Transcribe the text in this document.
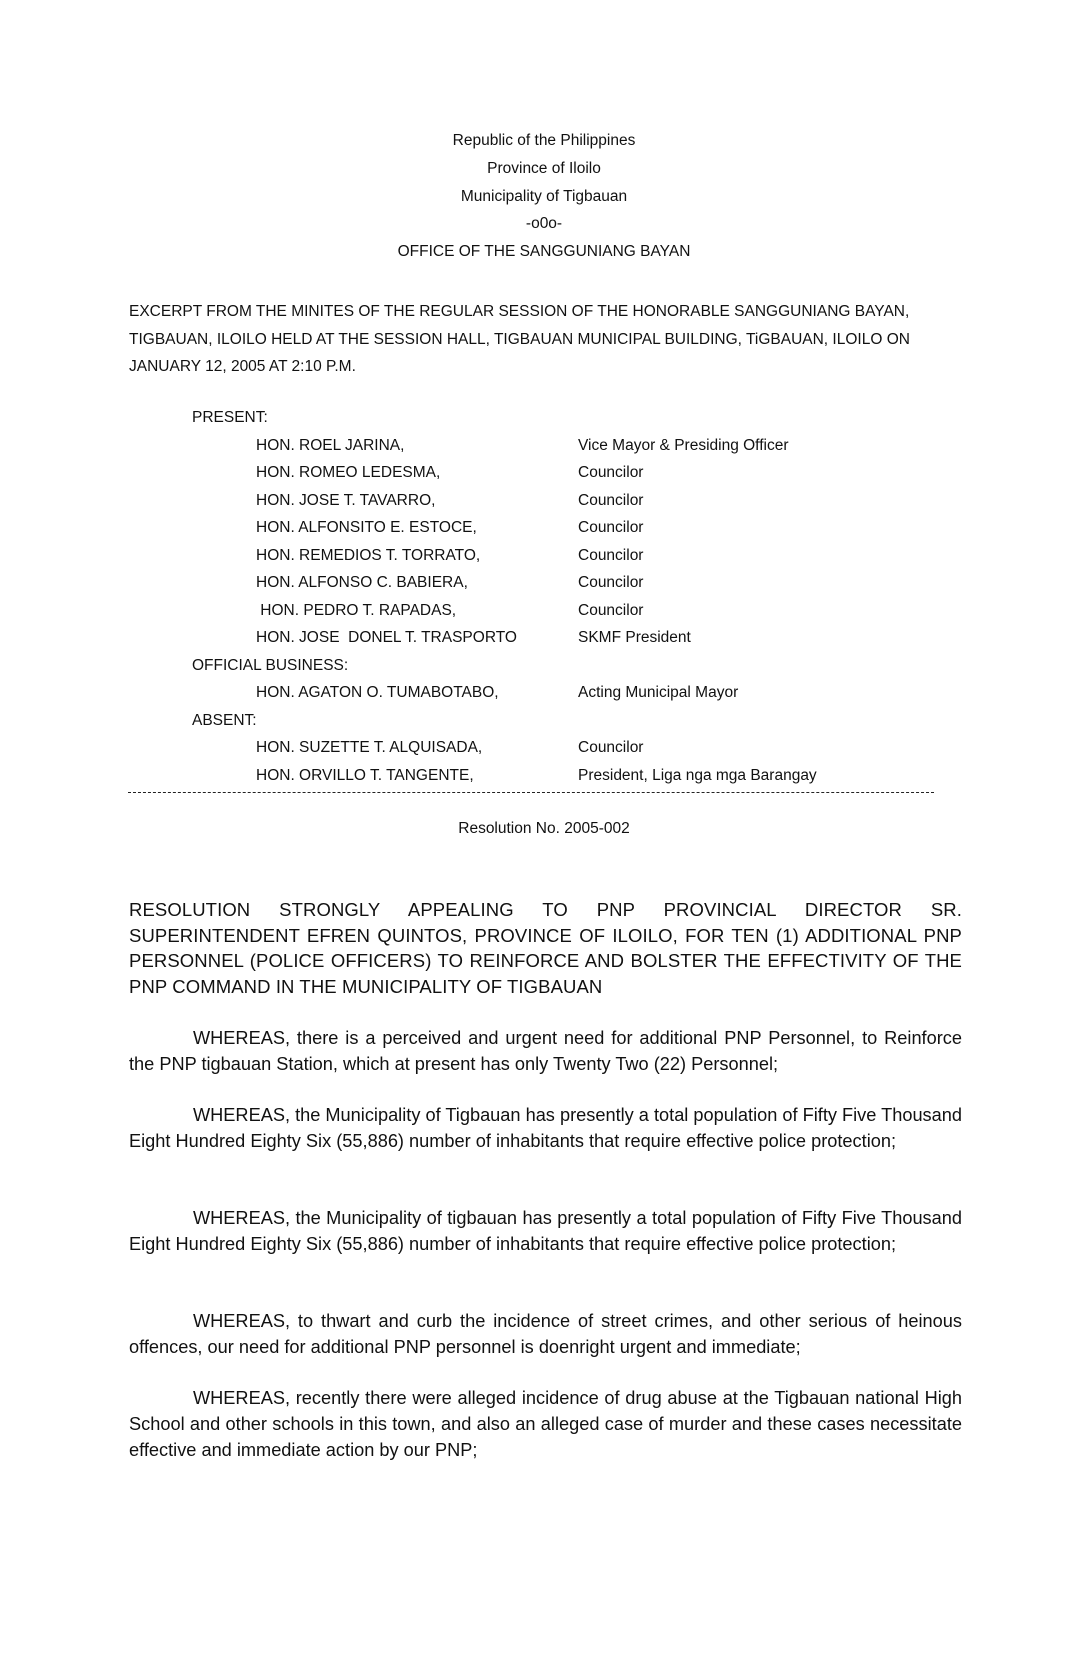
Republic of the Philippines
Province of Iloilo
Municipality of Tigbauan
-o0o-
OFFICE OF THE SANGGUNIANG BAYAN
EXCERPT FROM THE MINITES OF THE REGULAR SESSION OF THE HONORABLE SANGGUNIANG BAYAN, TIGBAUAN, ILOILO HELD AT THE SESSION HALL, TIGBAUAN MUNICIPAL BUILDING, TiGBAUAN, ILOILO ON JANUARY 12, 2005 AT 2:10 P.M.
PRESENT:
HON. ROEL JARINA,	Vice Mayor & Presiding Officer
HON. ROMEO LEDESMA,	Councilor
HON. JOSE T. TAVARRO,	Councilor
HON. ALFONSITO E. ESTOCE,	Councilor
HON. REMEDIOS T. TORRATO,	Councilor
HON. ALFONSO C. BABIERA,	Councilor
HON. PEDRO T. RAPADAS,	Councilor
HON. JOSE  DONEL T. TRASPORTO	SKMF President
OFFICIAL BUSINESS:
HON. AGATON O. TUMABOTABO,	Acting Municipal Mayor
ABSENT:
HON. SUZETTE T. ALQUISADA,	Councilor
HON. ORVILLO T. TANGENTE,	President, Liga nga mga Barangay
Resolution No. 2005-002
RESOLUTION STRONGLY APPEALING TO PNP PROVINCIAL DIRECTOR SR. SUPERINTENDENT EFREN QUINTOS, PROVINCE OF ILOILO, FOR TEN (1) ADDITIONAL PNP PERSONNEL (POLICE OFFICERS) TO REINFORCE AND BOLSTER THE EFFECTIVITY OF THE PNP COMMAND IN THE MUNICIPALITY OF TIGBAUAN
WHEREAS, there is a perceived and urgent need for additional PNP Personnel, to Reinforce the PNP tigbauan Station, which at present has only Twenty Two (22) Personnel;
WHEREAS, the Municipality of Tigbauan has presently a total population of Fifty Five Thousand Eight Hundred Eighty Six (55,886) number of inhabitants that require effective police protection;
WHEREAS, the Municipality of tigbauan has presently a total population of Fifty Five Thousand Eight Hundred Eighty Six (55,886) number of inhabitants that require effective police protection;
WHEREAS, to thwart and curb the incidence of street crimes, and other serious of heinous offences, our need for additional PNP personnel is doenright urgent and immediate;
WHEREAS, recently there were alleged incidence of drug abuse at the Tigbauan national High School and other schools in this town, and also an alleged case of murder and these cases necessitate effective and immediate action by our PNP;
